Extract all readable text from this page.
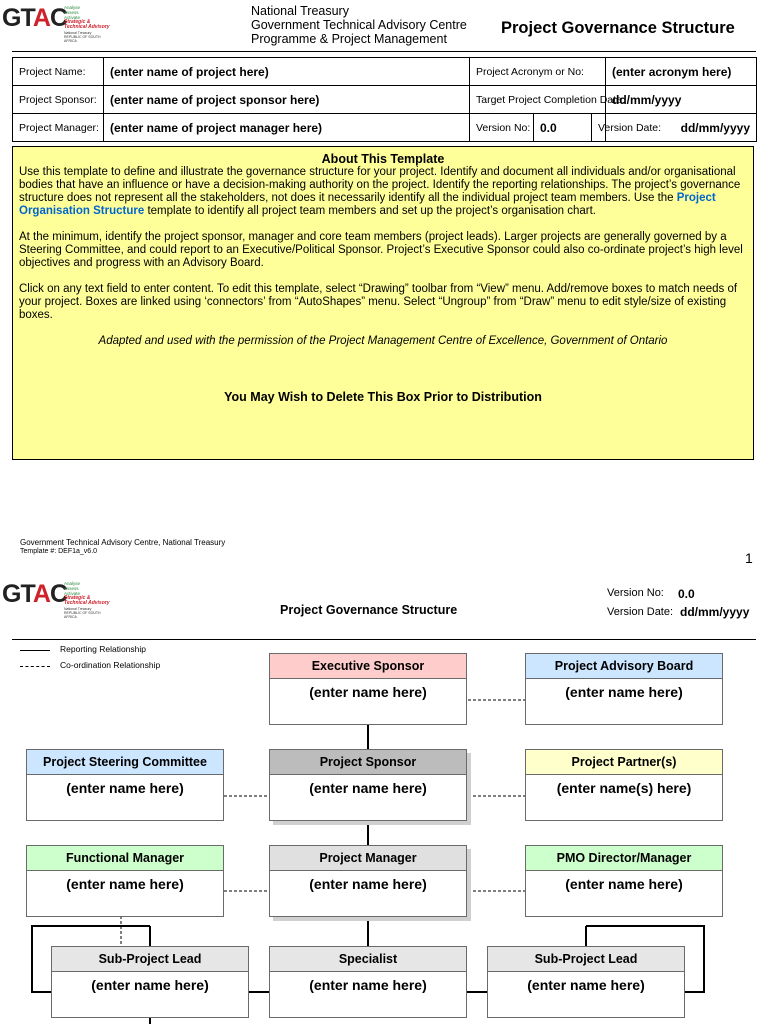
GTAC
Analyse
Assess
Activate
Strategic & Technical Advisory
National Treasury
REPUBLIC OF SOUTH AFRICA
National Treasury
Government Technical Advisory Centre
Programme & Project Management
Project Governance Structure
Project Name:	(enter name of project here)	Project Acronym or No:			(enter acronym here)
Project Sponsor:	(enter name of project sponsor here)	Target Project Completion Date:			dd/mm/yyyy
Project Manager:	(enter name of project manager here)	Version No:	0.0	Version Date:	dd/mm/yyyy
About This Template

Use this template to define and illustrate the governance structure for your project. Identify and document all individuals and/or organisational bodies that have an influence or have a decision-making authority on the project. Identify the reporting relationships. The project’s governance structure does not represent all the stakeholders, not does it necessarily identify all the individual project team members. Use the Project Organisation Structure template to identify all project team members and set up the project’s organisation chart.

At the minimum, identify the project sponsor, manager and core team members (project leads). Larger projects are generally governed by a Steering Committee, and could report to an Executive/Political Sponsor. Project’s Executive Sponsor could also co-ordinate project’s high level objectives and progress with an Advisory Board.

Click on any text field to enter content. To edit this template, select “Drawing” toolbar from “View” menu. Add/remove boxes to match needs of your project. Boxes are linked using ‘connectors’ from “AutoShapes” menu. Select “Ungroup” from “Draw” menu to edit style/size of existing boxes.

Adapted and used with the permission of the Project Management Centre of Excellence, Government of Ontario

You May Wish to Delete This Box Prior to Distribution

Government Technical Advisory Centre, National Treasury
Template #: DEF1a_v6.0	1
GTAC
Analyse
Assess
Activate
Strategic & Technical Advisory
National Treasury
REPUBLIC OF SOUTH AFRICA	Project Governance Structure
Version No: 0.0
Version Date: dd/mm/yyyy
Reporting Relationship
Co-ordination Relationship	Executive Sponsor
(enter name here)
Project Advisory Board
(enter name here)
Project Steering Committee
(enter name here)
Project Sponsor
(enter name here)
Project Partner(s)
(enter name(s) here)
Functional Manager
(enter name here)
Project Manager
(enter name here)
PMO Director/Manager
(enter name here)
Sub-Project Lead
(enter name here)
Specialist
(enter name here)
Sub-Project Lead
(enter name here)
